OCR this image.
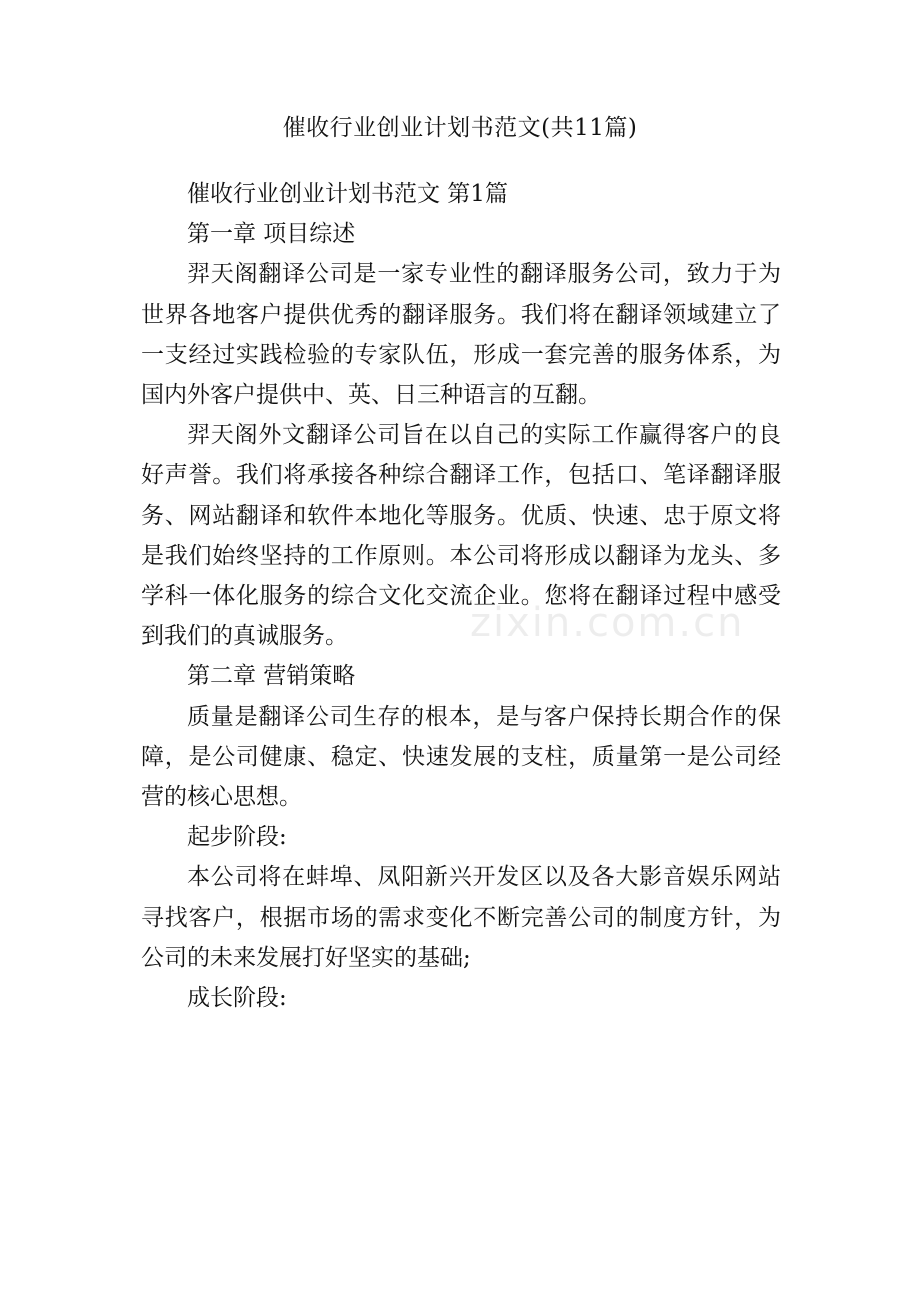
催收行业创业计划书范文(共11篇)

催收行业创业计划书范文 第1篇

第一章 项目综述

羿天阁翻译公司是一家专业性的翻译服务公司，致力于为

世界各地客户提供优秀的翻译服务。我们将在翻译领域建立了

一支经过实践检验的专家队伍，形成一套完善的服务体系，为

国内外客户提供中、英、日三种语言的互翻。

羿天阁外文翻译公司旨在以自己的实际工作赢得客户的良

好声誉。我们将承接各种综合翻译工作，包括口、笔译翻译服

务、网站翻译和软件本地化等服务。优质、快速、忠于原文将

是我们始终坚持的工作原则。本公司将形成以翻译为龙头、多

学科一体化服务的综合文化交流企业。您将在翻译过程中感受

到我们的真诚服务。

第二章 营销策略

质量是翻译公司生存的根本，是与客户保持长期合作的保

障，是公司健康、稳定、快速发展的支柱，质量第一是公司经

营的核心思想。

起步阶段:

本公司将在蚌埠、凤阳新兴开发区以及各大影音娱乐网站

寻找客户，根据市场的需求变化不断完善公司的制度方针，为

公司的未来发展打好坚实的基础;

成长阶段:

zixin.com.cn
